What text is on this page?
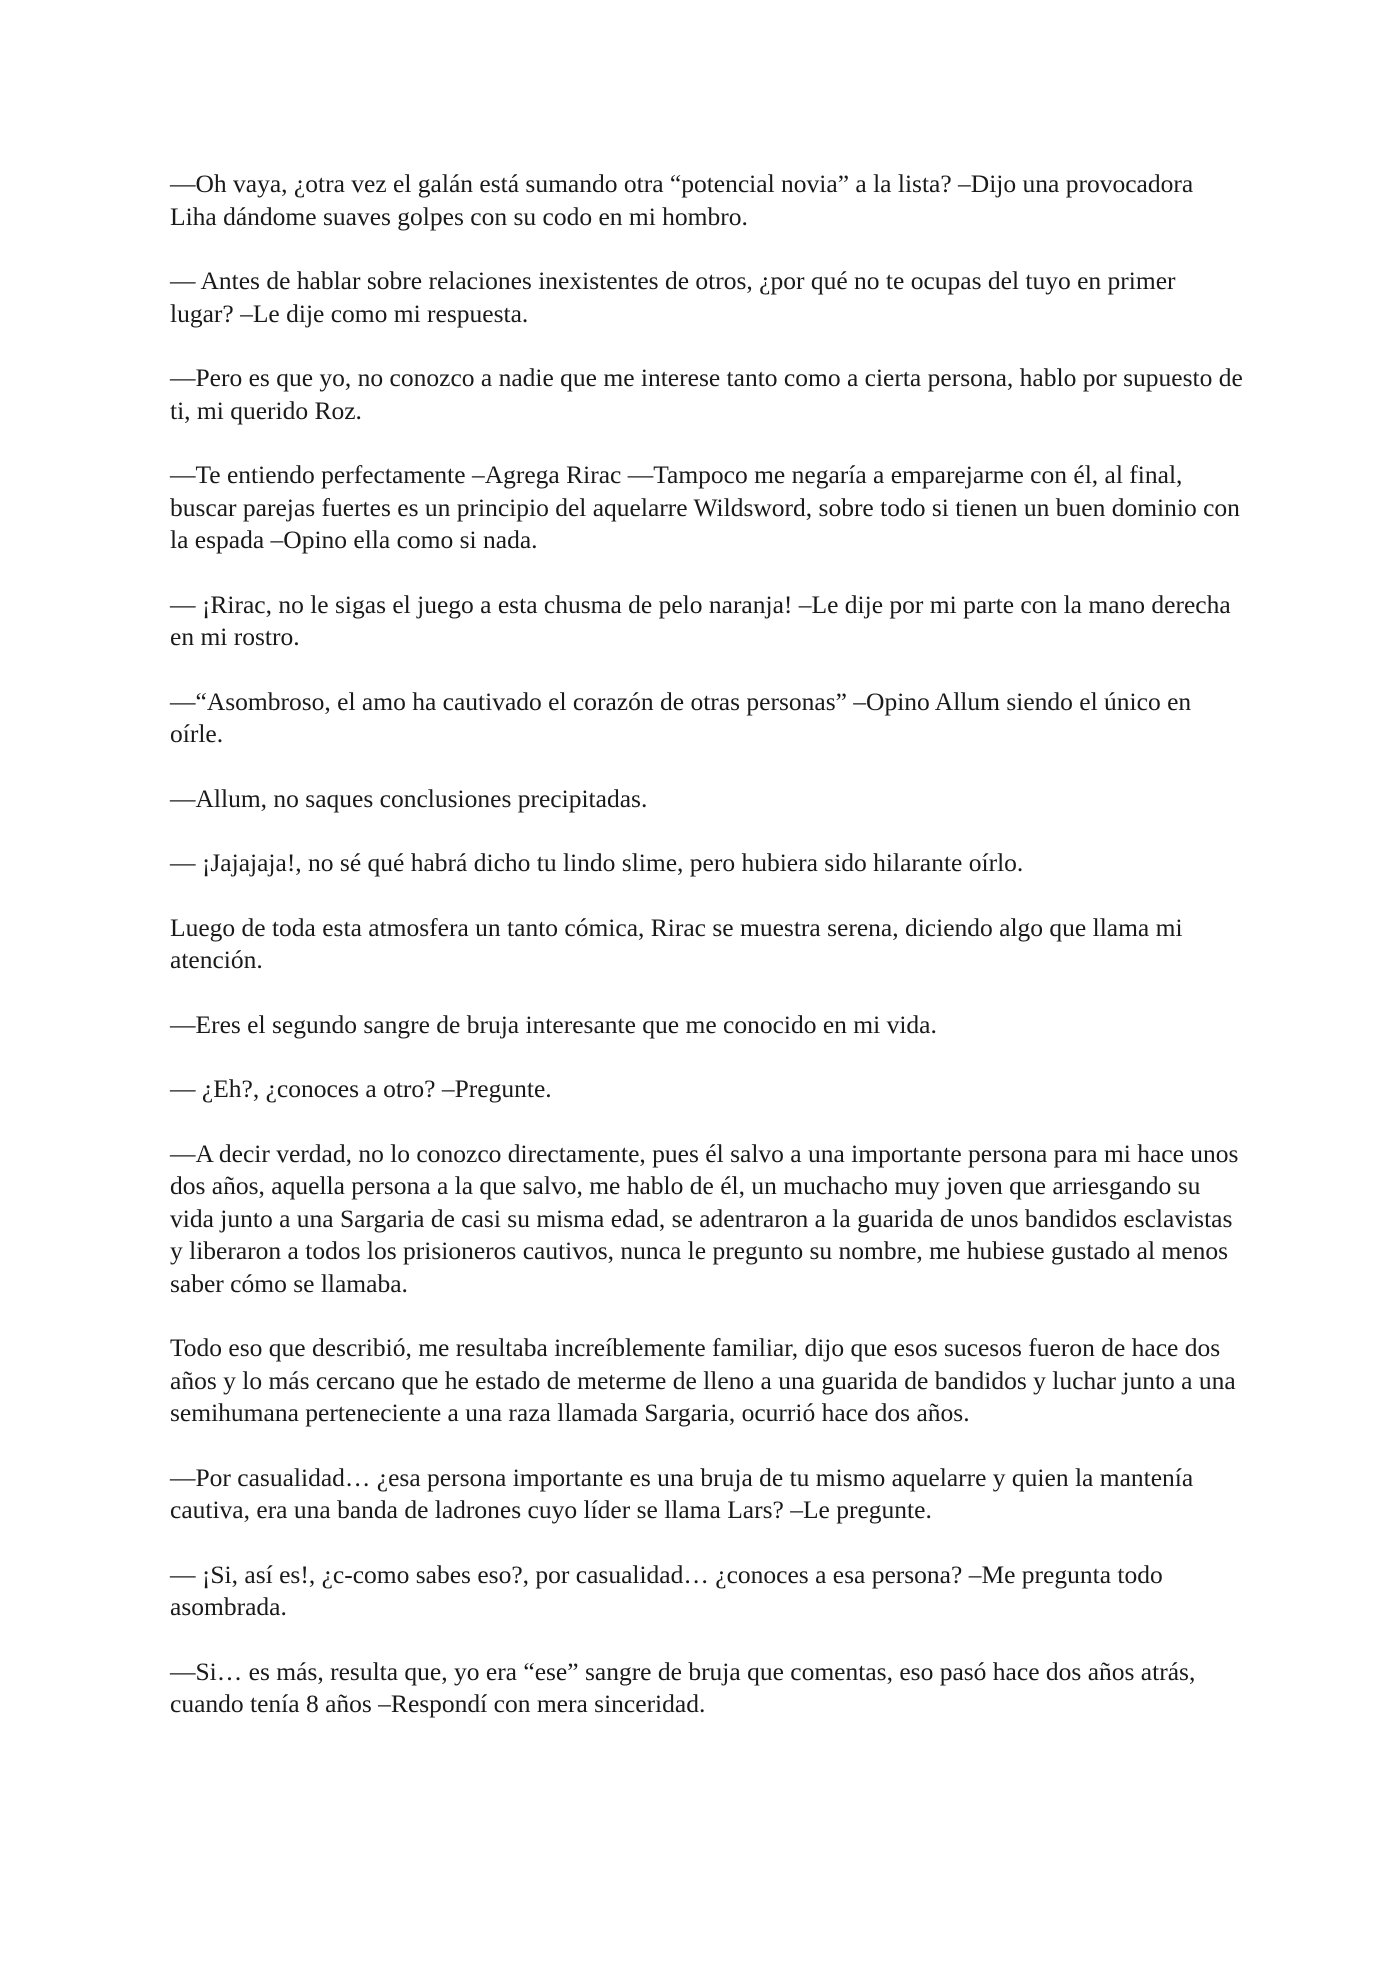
—Oh vaya, ¿otra vez el galán está sumando otra “potencial novia” a la lista? –Dijo una provocadora Liha dándome suaves golpes con su codo en mi hombro.

— Antes de hablar sobre relaciones inexistentes de otros, ¿por qué no te ocupas del tuyo en primer lugar? –Le dije como mi respuesta.

—Pero es que yo, no conozco a nadie que me interese tanto como a cierta persona, hablo por supuesto de ti, mi querido Roz.

—Te entiendo perfectamente –Agrega Rirac —Tampoco me negaría a emparejarme con él, al final, buscar parejas fuertes es un principio del aquelarre Wildsword, sobre todo si tienen un buen dominio con la espada –Opino ella como si nada.

— ¡Rirac, no le sigas el juego a esta chusma de pelo naranja! –Le dije por mi parte con la mano derecha en mi rostro.

—“Asombroso, el amo ha cautivado el corazón de otras personas” –Opino Allum siendo el único en oírle.

—Allum, no saques conclusiones precipitadas.

— ¡Jajajaja!, no sé qué habrá dicho tu lindo slime, pero hubiera sido hilarante oírlo.

Luego de toda esta atmosfera un tanto cómica, Rirac se muestra serena, diciendo algo que llama mi atención.

—Eres el segundo sangre de bruja interesante que me conocido en mi vida.

— ¿Eh?, ¿conoces a otro? –Pregunte.

—A decir verdad, no lo conozco directamente, pues él salvo a una importante persona para mi hace unos dos años, aquella persona a la que salvo, me hablo de él, un muchacho muy joven que arriesgando su vida junto a una Sargaria de casi su misma edad, se adentraron a la guarida de unos bandidos esclavistas y liberaron a todos los prisioneros cautivos, nunca le pregunto su nombre, me hubiese gustado al menos saber cómo se llamaba.

Todo eso que describió, me resultaba increíblemente familiar, dijo que esos sucesos fueron de hace dos años y lo más cercano que he estado de meterme de lleno a una guarida de bandidos y luchar junto a una semihumana perteneciente a una raza llamada Sargaria, ocurrió hace dos años.

—Por casualidad… ¿esa persona importante es una bruja de tu mismo aquelarre y quien la mantenía cautiva, era una banda de ladrones cuyo líder se llama Lars? –Le pregunte.

— ¡Si, así es!, ¿c-como sabes eso?, por casualidad… ¿conoces a esa persona? –Me pregunta todo asombrada.

—Si… es más, resulta que, yo era “ese” sangre de bruja que comentas, eso pasó hace dos años atrás, cuando tenía 8 años –Respondí con mera sinceridad.
